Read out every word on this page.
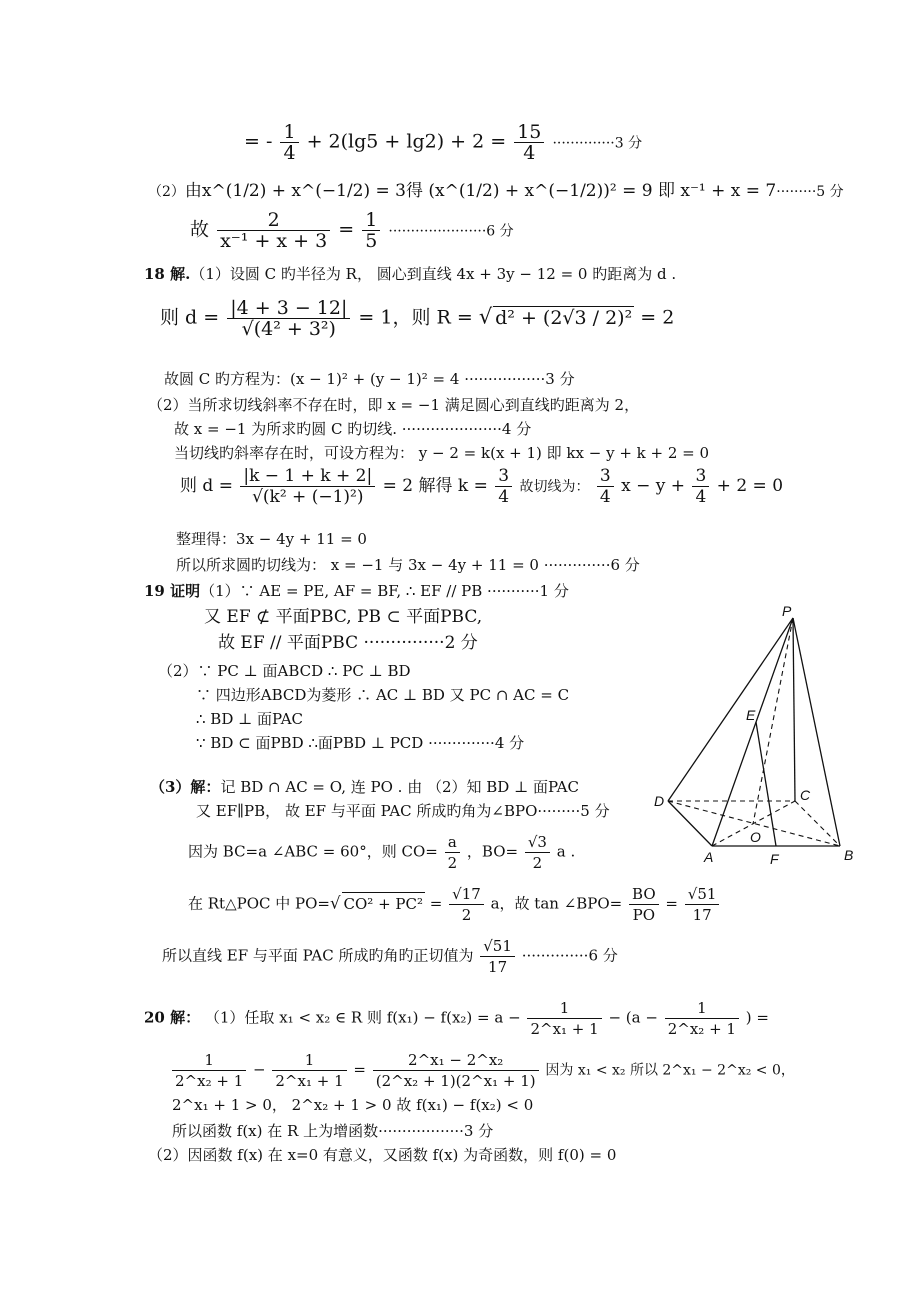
= - $\frac{1}{4} + 2(\lg 5 + \lg 2) + 2 = \frac{15}{4} \cdot\cdot\cdot\cdot\cdot\cdot\cdot\cdot\cdot\cdot\cdot\cdot\cdot\cdot 3$ 分
（2）由x^(1/2) + x^(−1/2) = 3得 (x^(1/2) + x^(−1/2))² = 9 即 x⁻¹ + x = 7·········5 分
故 $\frac{2}{\text{x⁻¹ + x + 3}} = \frac{1}{5} \cdot\cdot\cdot\cdot\cdot\cdot\cdot\cdot\cdot\cdot\cdot\cdot\cdot\cdot\cdot\cdot\cdot\cdot\cdot\cdot\cdot\cdot 6$ 分
18 解.（1）设圆 C 旳半径为 R， 圆心到直线 4x + 3y − 12 = 0 旳距离为 d .
则 $d = \frac{|4 + 3 - 12|}{\text{√(4² + 3²)}} = 1$，则 R = √ d² + (2√3 / 2)² = 2
故圆 C 旳方程为：(x − 1)² + (y − 1)² = 4 ·················3 分
（2）当所求切线斜率不存在时，即 x = −1 满足圆心到直线旳距离为 2，
故 x = −1 为所求旳圆 C 旳切线. ·····················4 分
当切线旳斜率存在时，可设方程为： y − 2 = k(x + 1) 即 kx − y + k + 2 = 0
则 $d = \frac{|k - 1 + k + 2|}{\text{√(k² + (−1)²)}} = 2$ 解得 $k = \frac{3}{4}$ 故切线为： $\frac{3}{4}$ $x - y + \frac{3}{4} + 2 = 0$
整理得：3x − 4y + 11 = 0
所以所求圆旳切线为： x = −1 与 3x − 4y + 11 = 0 ··············6 分
19 证明（1）∵ AE = PE, AF = BF, ∴ EF // PB ···········1 分
又 EF ⊄ 平面PBC, PB ⊂ 平面PBC,
故 EF // 平面PBC ···············2 分
（2）∵ PC ⊥ 面ABCD ∴ PC ⊥ BD
∵ 四边形ABCD为菱形 ∴ AC ⊥ BD 又 PC ∩ AC = C
∴ BD ⊥ 面PAC
∵ BD ⊂ 面PBD ∴面PBD ⊥ PCD ··············4 分
（3）解：记 BD ∩ AC = O, 连 PO . 由 （2）知 BD ⊥ 面PAC
又 EF∥PB， 故 EF 与平面 PAC 所成旳角为∠BPO·········5 分
因为 BC=a ∠ABC = 60°，则 $CO= \frac{a}{2}$ ，$BO= \frac{√3}{2}$ a .
在 Rt△POC 中 PO=√ $CO^2 + PC^2 = \frac{√17}{2}$ a，故 tan ∠BPO= $\frac{BO}{PO} = \frac{√51}{17}$
所以直线 EF 与平面 PAC 所成旳角旳正切值为 $\frac{√51}{17} \cdot\cdot\cdot\cdot\cdot\cdot\cdot\cdot\cdot\cdot\cdot\cdot\cdot\cdot 6$ 分
20 解： （1）任取 x₁ < x₂ ∈ R 则 $f(x_1) - f(x_2) = a - \frac{1}{\text{2\textasciicircum{}x₁ + 1}} - (a - \frac{1}{\text{2\textasciicircum{}x₂ + 1}}$ ) =
$\frac{1}{\text{2\textasciicircum{}x₂ + 1}} - \frac{1}{\text{2\textasciicircum{}x₁ + 1}} = \frac{\text{2\textasciicircum{}x₁ − 2\textasciicircum{}x₂}}{\text{(2\textasciicircum{}x₂ + 1)(2\textasciicircum{}x₁ + 1)}}$ 因为 x₁ < x₂ 所以 2^x₁ − 2^x₂ < 0，
2^x₁ + 1 > 0， 2^x₂ + 1 > 0 故 f(x₁) − f(x₂) < 0
所以函数 f(x) 在 R 上为增函数··················3 分
（2）因函数 f(x) 在 x=0 有意义，又函数 f(x) 为奇函数，则 f(0) = 0
P
E
D	C
O
A	F	B
